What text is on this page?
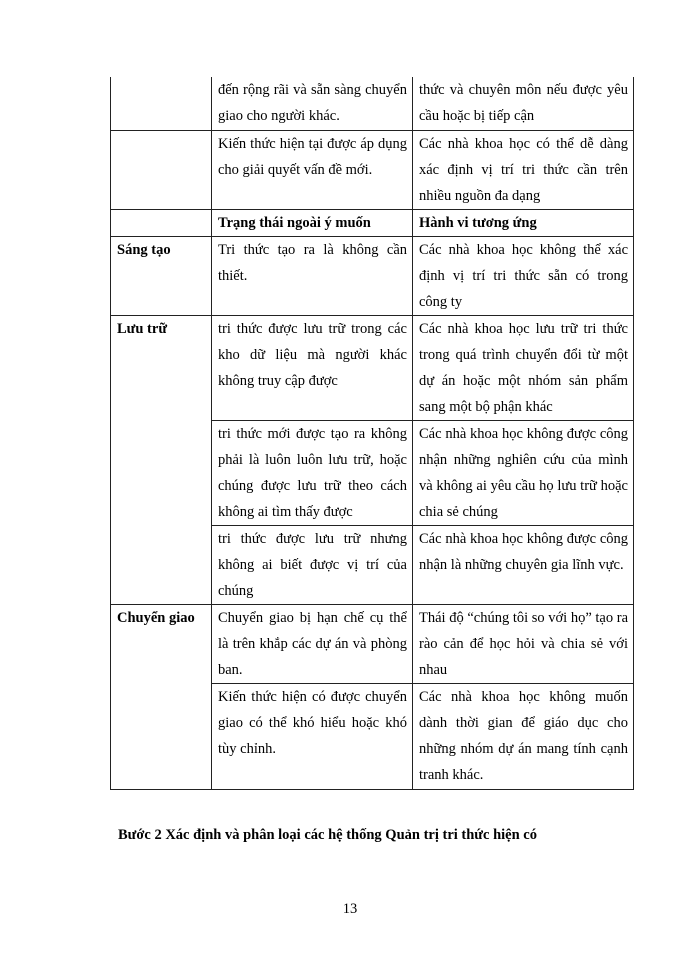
	đến rộng rãi và sẵn sàng chuyển giao cho người khác.	thức và chuyên môn nếu được yêu cầu hoặc bị tiếp cận
	Kiến thức hiện tại được áp dụng cho giải quyết vấn đề mới.	Các nhà khoa học có thể dễ dàng xác định vị trí tri thức cần trên nhiều nguồn đa dạng
	Trạng thái ngoài ý muốn	Hành vi tương ứng
Sáng tạo	Tri thức tạo ra là không cần thiết.	Các nhà khoa học không thể xác định vị trí tri thức sẵn có trong công ty
Lưu trữ	tri thức được lưu trữ trong các kho dữ liệu mà người khác không truy cập được	Các nhà khoa học lưu trữ tri thức trong quá trình chuyển đổi từ một dự án hoặc một nhóm sản phẩm sang một bộ phận khác
	tri thức mới được tạo ra không phải là luôn luôn lưu trữ, hoặc chúng được lưu trữ theo cách không ai tìm thấy được	Các nhà khoa học không được công nhận những nghiên cứu của mình và không ai yêu cầu họ lưu trữ hoặc chia sẻ chúng
	tri thức được lưu trữ nhưng không ai biết được vị trí của chúng	Các nhà khoa học không được công nhận là những chuyên gia lĩnh vực.
Chuyển giao	Chuyển giao bị hạn chế cụ thể là trên khắp các dự án và phòng ban.	Thái độ “chúng tôi so với họ” tạo ra rào cản để học hỏi và chia sẻ với nhau
	Kiến thức hiện có được chuyển giao có thể khó hiểu hoặc khó tùy chỉnh.	Các nhà khoa học không muốn dành thời gian để giáo dục cho những nhóm dự án mang tính cạnh tranh khác.
Bước 2 Xác định và phân loại các hệ thống Quản trị tri thức hiện có
13
